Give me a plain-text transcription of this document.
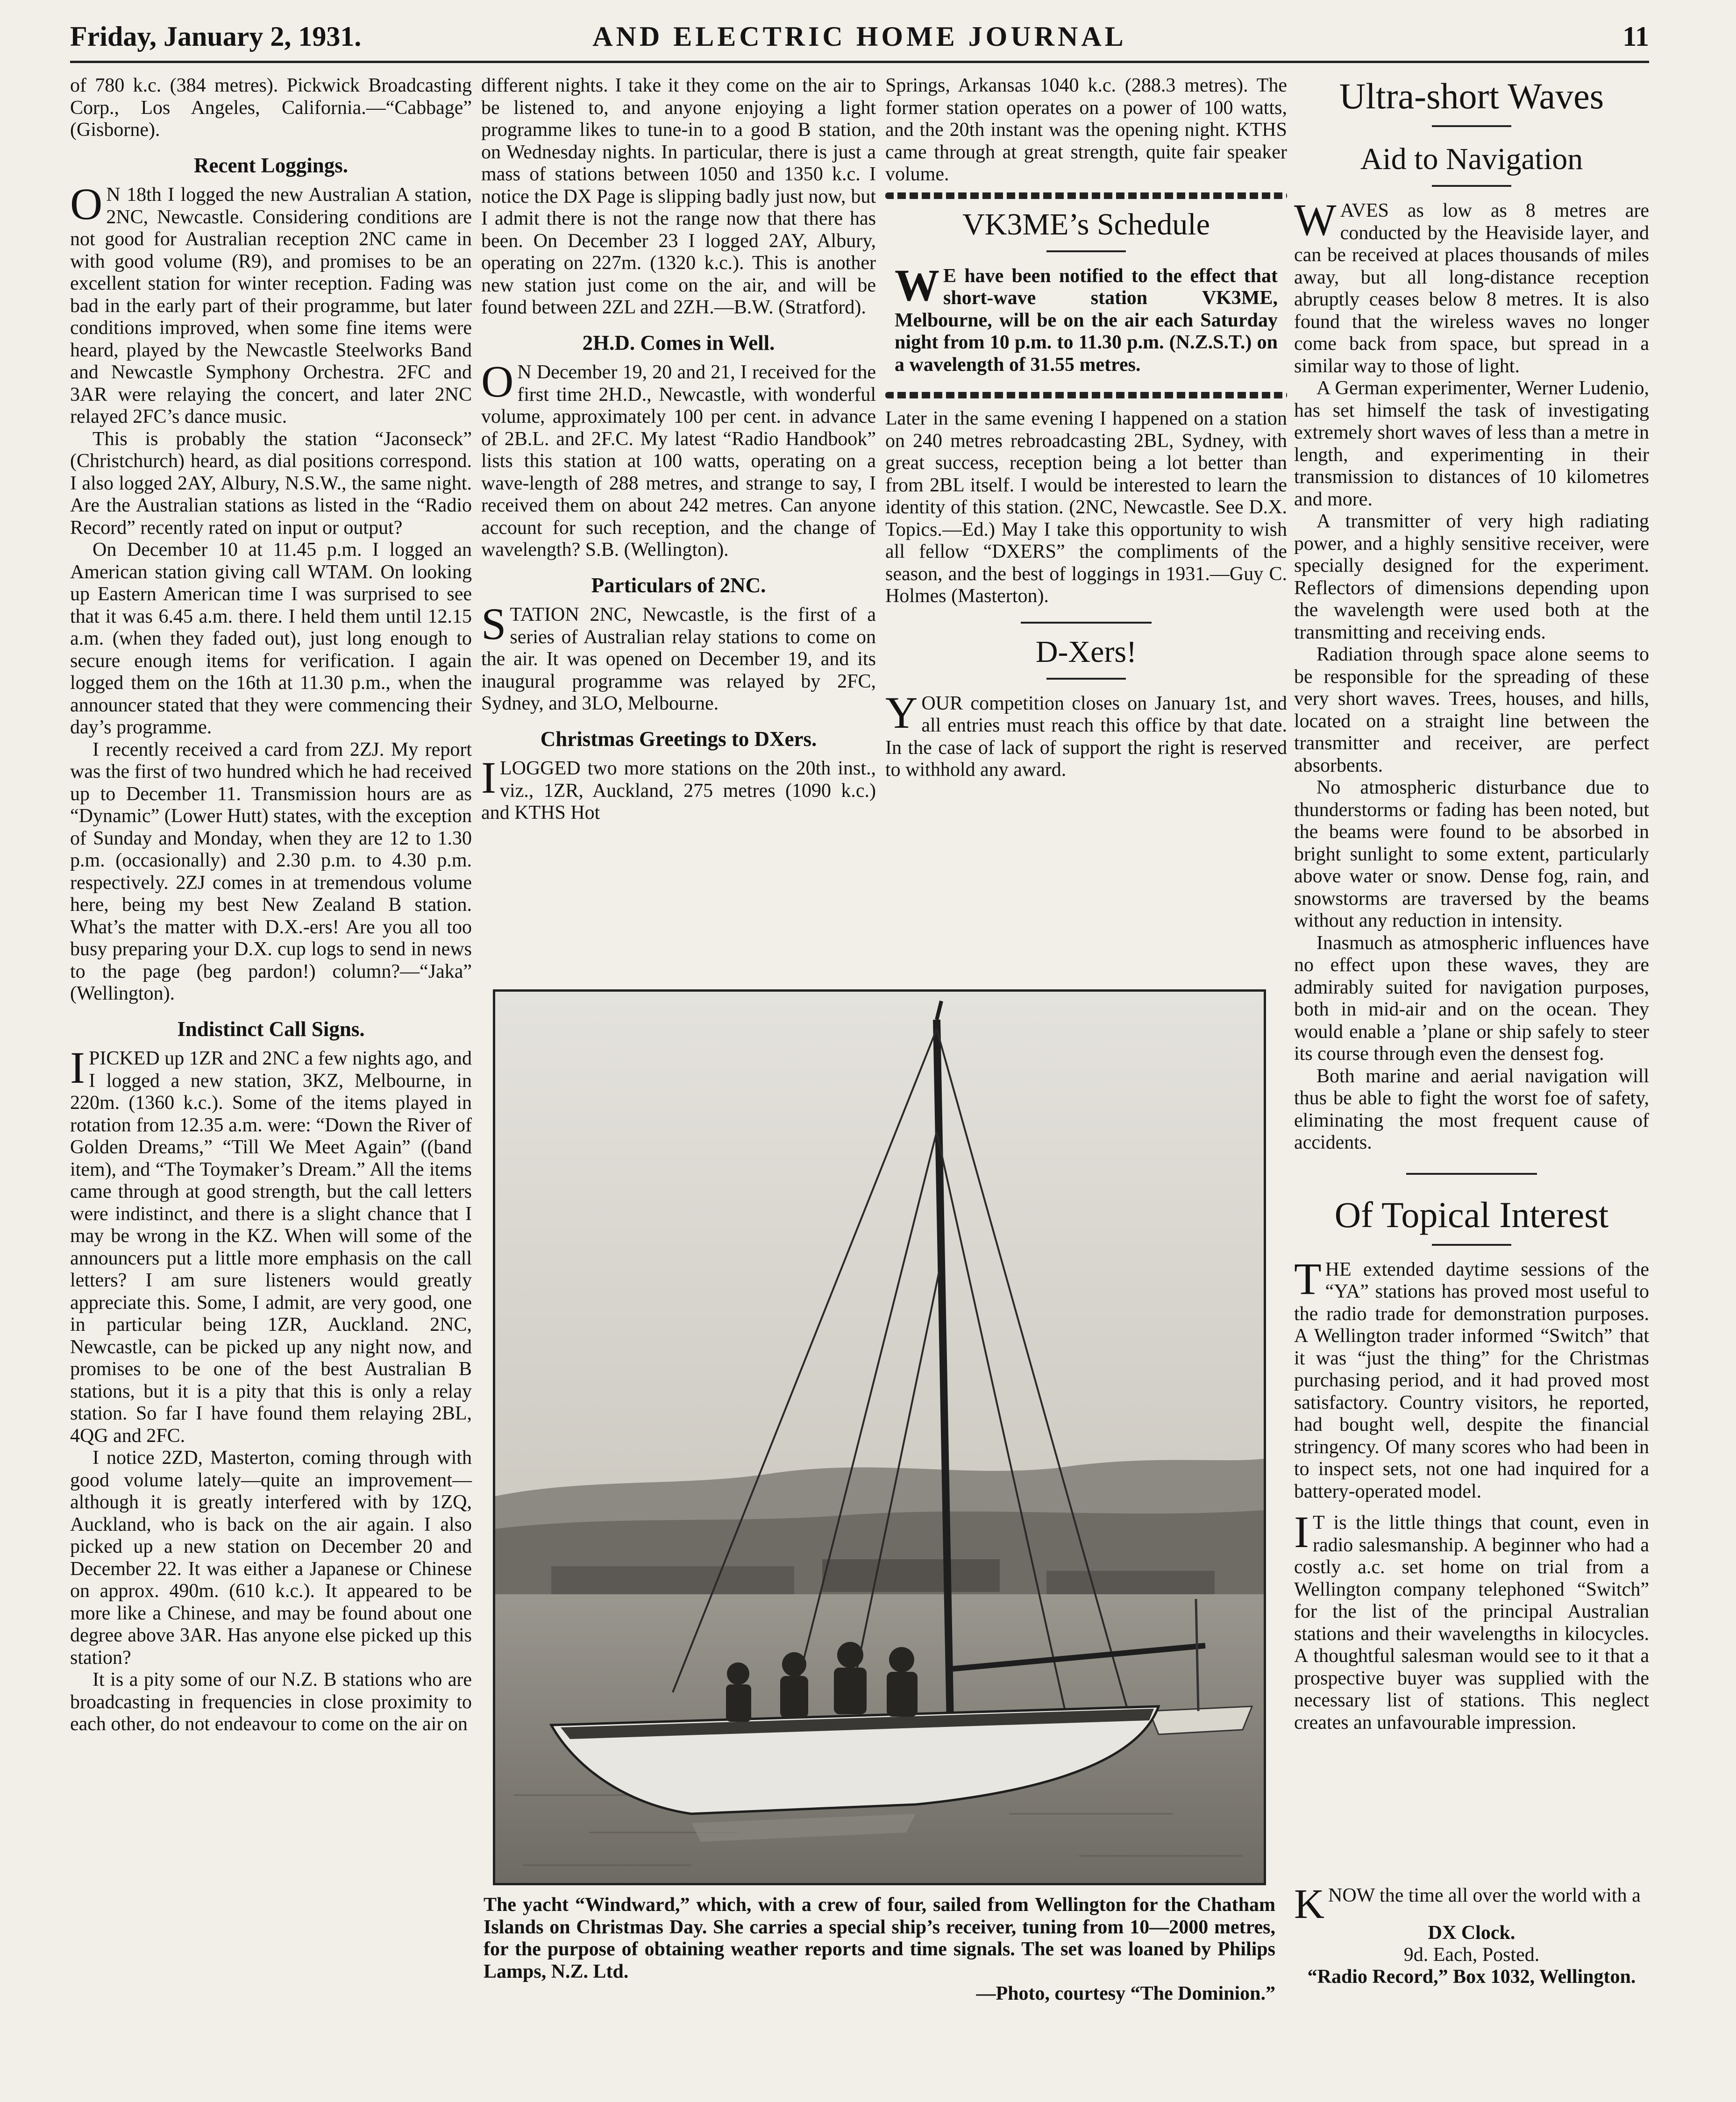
Friday, January 2, 1931.	AND ELECTRIC HOME JOURNAL	11

of 780 k.c. (384 metres). Pickwick Broadcasting Corp., Los Angeles, California.—“Cabbage” (Gisborne).

Recent Loggings.

O N 18th I logged the new Australian A station, 2NC, Newcastle. Considering conditions are not good for Australian reception 2NC came in with good volume (R9), and promises to be an excellent station for winter reception. Fading was bad in the early part of their programme, but later conditions improved, when some fine items were heard, played by the Newcastle Steelworks Band and Newcastle Symphony Orchestra. 2FC and 3AR were relaying the concert, and later 2NC relayed 2FC’s dance music.

This is probably the station “Jaconseck” (Christchurch) heard, as dial positions correspond. I also logged 2AY, Albury, N.S.W., the same night. Are the Australian stations as listed in the “Radio Record” recently rated on input or output?

On December 10 at 11.45 p.m. I logged an American station giving call WTAM. On looking up Eastern American time I was surprised to see that it was 6.45 a.m. there. I held them until 12.15 a.m. (when they faded out), just long enough to secure enough items for verification. I again logged them on the 16th at 11.30 p.m., when the announcer stated that they were commencing their day’s programme.

I recently received a card from 2ZJ. My report was the first of two hundred which he had received up to December 11. Transmission hours are as “Dynamic” (Lower Hutt) states, with the exception of Sunday and Monday, when they are 12 to 1.30 p.m. (occasionally) and 2.30 p.m. to 4.30 p.m. respectively. 2ZJ comes in at tremendous volume here, being my best New Zealand B station. What’s the matter with D.X.-ers! Are you all too busy preparing your D.X. cup logs to send in news to the page (beg pardon!) column?—“Jaka” (Wellington).

Indistinct Call Signs.

IPICKED up 1ZR and 2NC a few nights ago, and I logged a new station, 3KZ, Melbourne, in 220m. (1360 k.c.). Some of the items played in rotation from 12.35 a.m. were: “Down the River of Golden Dreams,” “Till We Meet Again” ((band item), and “The Toymaker’s Dream.” All the items came through at good strength, but the call letters were indistinct, and there is a slight chance that I may be wrong in the KZ. When will some of the announcers put a little more emphasis on the call letters? I am sure listeners would greatly appreciate this. Some, I admit, are very good, one in particular being 1ZR, Auckland. 2NC, Newcastle, can be picked up any night now, and promises to be one of the best Australian B stations, but it is a pity that this is only a relay station. So far I have found them relaying 2BL, 4QG and 2FC.

I notice 2ZD, Masterton, coming through with good volume lately—quite an improvement—although it is greatly interfered with by 1ZQ, Auckland, who is back on the air again. I also picked up a new station on December 20 and December 22. It was either a Japanese or Chinese on approx. 490m. (610 k.c.). It appeared to be more like a Chinese, and may be found about one degree above 3AR. Has anyone else picked up this station?

It is a pity some of our N.Z. B stations who are broadcasting in frequencies in close proximity to each other, do not endeavour to come on the air on

different nights. I take it they come on the air to be listened to, and anyone enjoying a light programme likes to tune-in to a good B station, on Wednesday nights. In particular, there is just a mass of stations between 1050 and 1350 k.c. I notice the DX Page is slipping badly just now, but I admit there is not the range now that there has been. On December 23 I logged 2AY, Albury, operating on 227m. (1320 k.c.). This is another new station just come on the air, and will be found between 2ZL and 2ZH.—B.W. (Stratford).

2H.D. Comes in Well.

O N December 19, 20 and 21, I received for the first time 2H.D., Newcastle, with wonderful volume, approximately 100 per cent. in advance of 2B.L. and 2F.C. My latest “Radio Handbook” lists this station at 100 watts, operating on a wave-length of 288 metres, and strange to say, I received them on about 242 metres. Can anyone account for such reception, and the change of wavelength? S.B. (Wellington).

Particulars of 2NC.

STATION 2NC, Newcastle, is the first of a series of Australian relay stations to come on the air. It was opened on December 19, and its inaugural programme was relayed by 2FC, Sydney, and 3LO, Melbourne.

Christmas Greetings to DXers.

ILOGGED two more stations on the 20th inst., viz., 1ZR, Auckland, 275 metres (1090 k.c.) and KTHS Hot

Springs, Arkansas 1040 k.c. (288.3 metres). The former station operates on a power of 100 watts, and the 20th instant was the opening night. KTHS came through at great strength, quite fair speaker volume.

VK3ME’s Schedule

W E have been notified to the effect that short-wave station VK3ME, Melbourne, will be on the air each Saturday night from 10 p.m. to 11.30 p.m. (N.Z.S.T.) on a wavelength of 31.55 metres.

Later in the same evening I happened on a station on 240 metres rebroadcasting 2BL, Sydney, with great success, reception being a lot better than from 2BL itself. I would be interested to learn the identity of this station. (2NC, Newcastle. See D.X. Topics.—Ed.) May I take this opportunity to wish all fellow “DXERS” the compliments of the season, and the best of loggings in 1931.—Guy C. Holmes (Masterton).

D-Xers!

YOUR competition closes on January 1st, and all entries must reach this office by that date. In the case of lack of support the right is reserved to withhold any award.

Ultra-short Waves
Aid to Navigation

WAVES as low as 8 metres are conducted by the Heaviside layer, and can be received at places thousands of miles away, but all long-distance reception abruptly ceases below 8 metres. It is also found that the wireless waves no longer come back from space, but spread in a similar way to those of light.

A German experimenter, Werner Ludenio, has set himself the task of investigating extremely short waves of less than a metre in length, and experimenting in their transmission to distances of 10 kilometres and more.

A transmitter of very high radiating power, and a highly sensitive receiver, were specially designed for the experiment. Reflectors of dimensions depending upon the wavelength were used both at the transmitting and receiving ends.

Radiation through space alone seems to be responsible for the spreading of these very short waves. Trees, houses, and hills, located on a straight line between the transmitter and receiver, are perfect absorbents.

No atmospheric disturbance due to thunderstorms or fading has been noted, but the beams were found to be absorbed in bright sunlight to some extent, particularly above water or snow. Dense fog, rain, and snowstorms are traversed by the beams without any reduction in intensity.

Inasmuch as atmospheric influences have no effect upon these waves, they are admirably suited for navigation purposes, both in mid-air and on the ocean. They would enable a ’plane or ship safely to steer its course through even the densest fog.

Both marine and aerial navigation will thus be able to fight the worst foe of safety, eliminating the most frequent cause of accidents.

Of Topical Interest

THE extended daytime sessions of the “YA” stations has proved most useful to the radio trade for demonstration purposes. A Wellington trader informed “Switch” that it was “just the thing” for the Christmas purchasing period, and it had proved most satisfactory. Country visitors, he reported, had bought well, despite the financial stringency. Of many scores who had been in to inspect sets, not one had inquired for a battery-operated model.

I T is the little things that count, even in radio salesmanship. A beginner who had a costly a.c. set home on trial from a Wellington company telephoned “Switch” for the list of the principal Australian stations and their wavelengths in kilocycles. A thoughtful salesman would see to it that a prospective buyer was supplied with the necessary list of stations. This neglect creates an unfavourable impression.

The yacht “Windward,” which, with a crew of four, sailed from Wellington for the Chatham Islands on Christmas Day. She carries a special ship’s receiver, tuning from 10—2000 metres, for the purpose of obtaining weather reports and time signals. The set was loaned by Philips Lamps, N.Z. Ltd.
—Photo, courtesy “The Dominion.”
KNOW the time all over the world with a
DX Clock.
9d. Each, Posted.
“Radio Record,” Box 1032, Wellington.
